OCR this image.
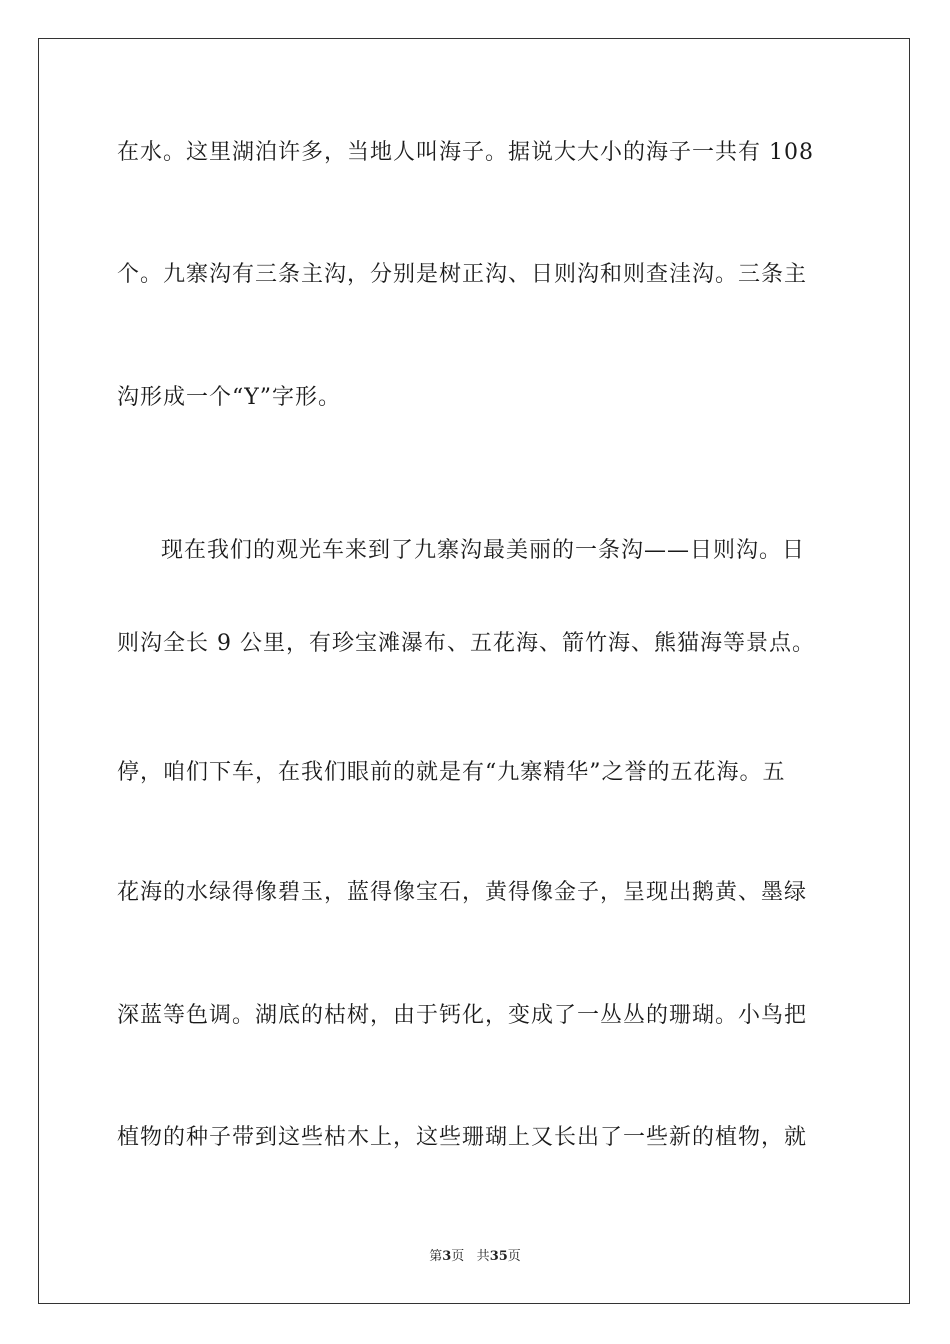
在水。这里湖泊许多，当地人叫海子。据说大大小的海子一共有 108
个。九寨沟有三条主沟，分别是树正沟、日则沟和则查洼沟。三条主
沟形成一个“Y”字形。
现在我们的观光车来到了九寨沟最美丽的一条沟——日则沟。日
则沟全长 9 公里，有珍宝滩瀑布、五花海、箭竹海、熊猫海等景点。
停，咱们下车，在我们眼前的就是有“九寨精华”之誉的五花海。五
花海的水绿得像碧玉，蓝得像宝石，黄得像金子，呈现出鹅黄、墨绿
深蓝等色调。湖底的枯树，由于钙化，变成了一丛丛的珊瑚。小鸟把
植物的种子带到这些枯木上，这些珊瑚上又长出了一些新的植物，就
第3页 共35页
